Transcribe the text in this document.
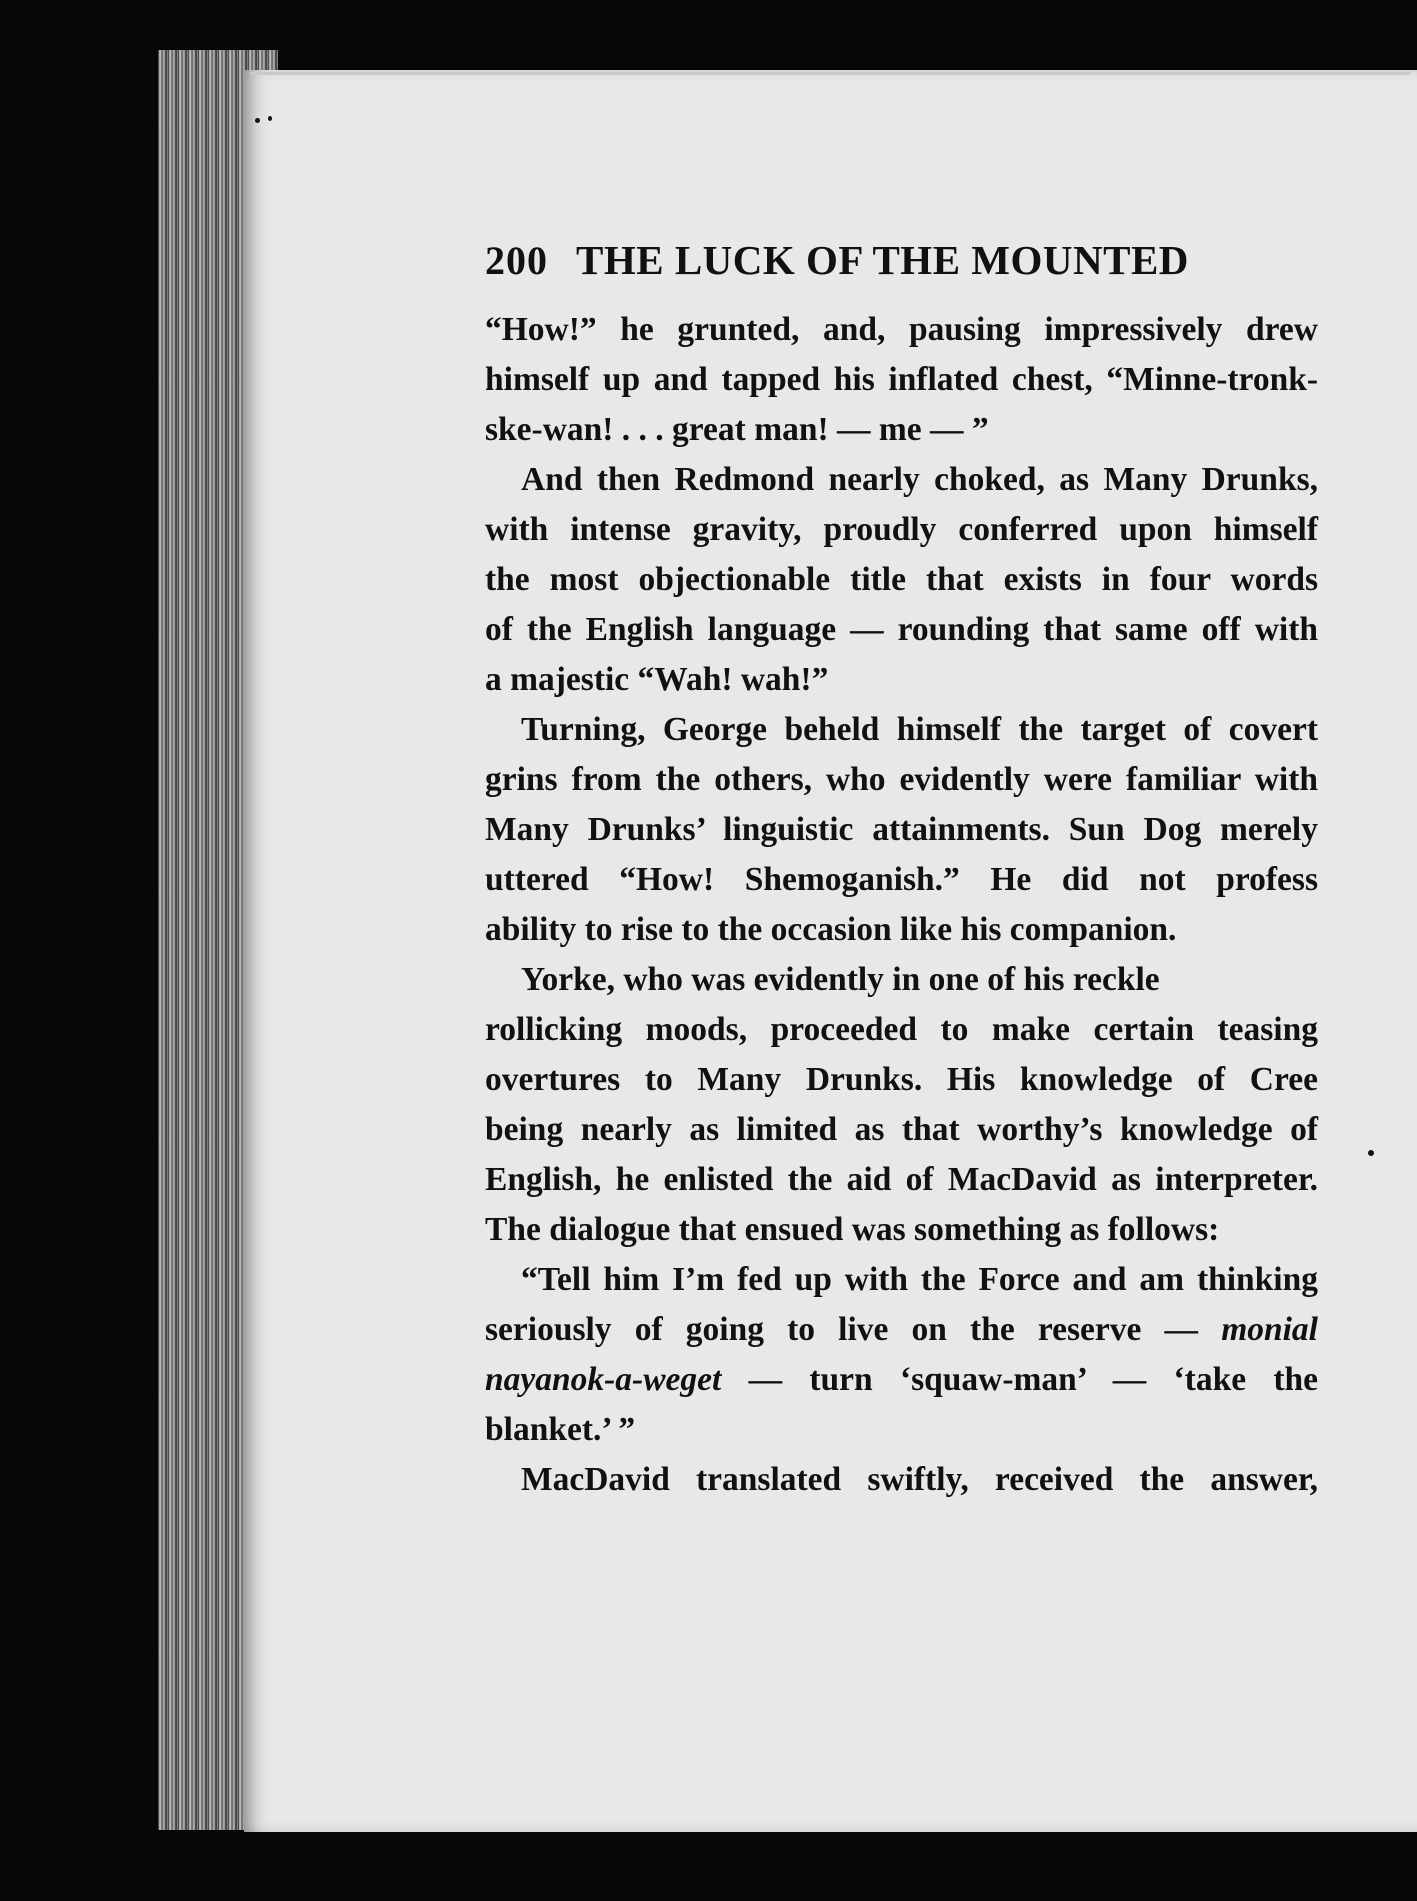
200 THE LUCK OF THE MOUNTED
“How!” he grunted, and, pausing impressively drew
himself up and tapped his inflated chest, “Minne-tronk-
ske-wan! . . . great man! — me — ”
And then Redmond nearly choked, as Many Drunks,
with intense gravity, proudly conferred upon himself
the most objectionable title that exists in four words
of the English language — rounding that same off with
a majestic “Wah! wah!”
Turning, George beheld himself the target of covert
grins from the others, who evidently were familiar with
Many Drunks’ linguistic attainments. Sun Dog merely
uttered “How! Shemoganish.” He did not profess
ability to rise to the occasion like his companion.
Yorke, who was evidently in one of his reckle
rollicking moods, proceeded to make certain teasing
overtures to Many Drunks. His knowledge of Cree
being nearly as limited as that worthy’s knowledge of
English, he enlisted the aid of MacDavid as interpreter.
The dialogue that ensued was something as follows:
“Tell him I’m fed up with the Force and am thinking
seriously of going to live on the reserve — monial
nayanok-a-weget — turn ‘squaw-man’ — ‘take the
blanket.’ ”
MacDavid translated swiftly, received the answer,
